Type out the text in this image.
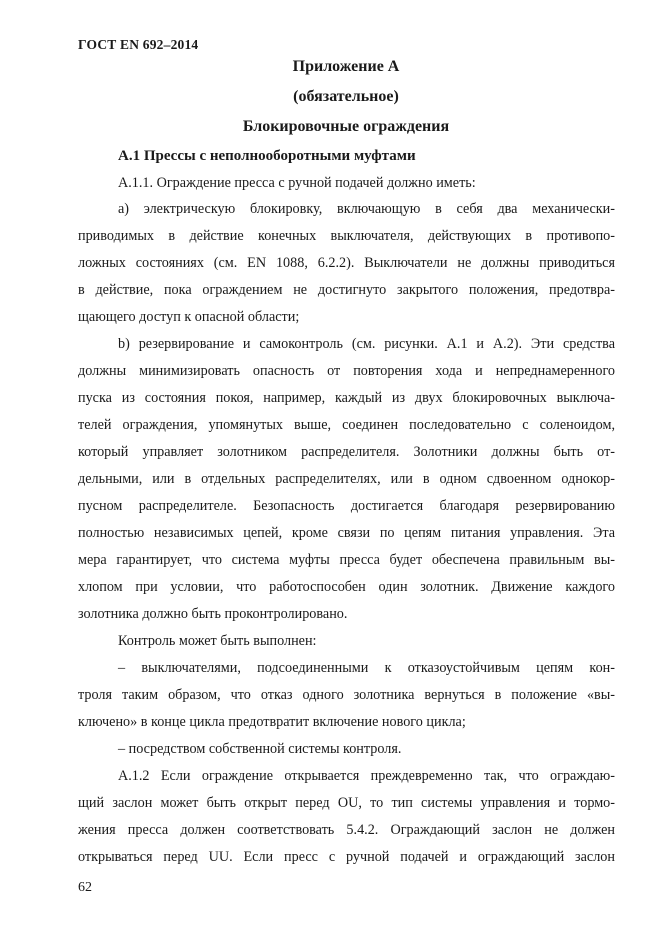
ГОСТ EN 692–2014
Приложение А
(обязательное)
Блокировочные ограждения
А.1 Прессы с неполнооборотными муфтами
А.1.1. Ограждение пресса с ручной подачей должно иметь:
а) электрическую блокировку, включающую в себя два механически-
приводимых в действие конечных выключателя, действующих в противопо-
ложных состояниях (см. EN 1088, 6.2.2). Выключатели не должны приводиться
в действие, пока ограждением не достигнуто закрытого положения, предотвра-
щающего доступ к опасной области;
b) резервирование и самоконтроль (см. рисунки. А.1 и А.2). Эти средства
должны минимизировать опасность от повторения хода и непреднамеренного
пуска из состояния покоя, например, каждый из двух блокировочных выключа-
телей ограждения, упомянутых выше, соединен последовательно с соленоидом,
который управляет золотником распределителя. Золотники должны быть от-
дельными, или в отдельных распределителях, или в одном сдвоенном однокор-
пусном распределителе. Безопасность достигается благодаря резервированию
полностью независимых цепей, кроме связи по цепям питания управления. Эта
мера гарантирует, что система муфты пресса будет обеспечена правильным вы-
хлопом при условии, что работоспособен один золотник. Движение каждого
золотника должно быть проконтролировано.
Контроль может быть выполнен:
– выключателями, подсоединенными к отказоустойчивым цепям кон-
троля таким образом, что отказ одного золотника вернуться в положение «вы-
ключено» в конце цикла предотвратит включение нового цикла;
– посредством собственной системы контроля.
А.1.2 Если ограждение открывается преждевременно так, что ограждаю-
щий заслон может быть открыт перед OU, то тип системы управления и тормо-
жения пресса должен соответствовать 5.4.2. Ограждающий заслон не должен
открываться перед UU. Если пресс с ручной подачей и ограждающий заслон
62
